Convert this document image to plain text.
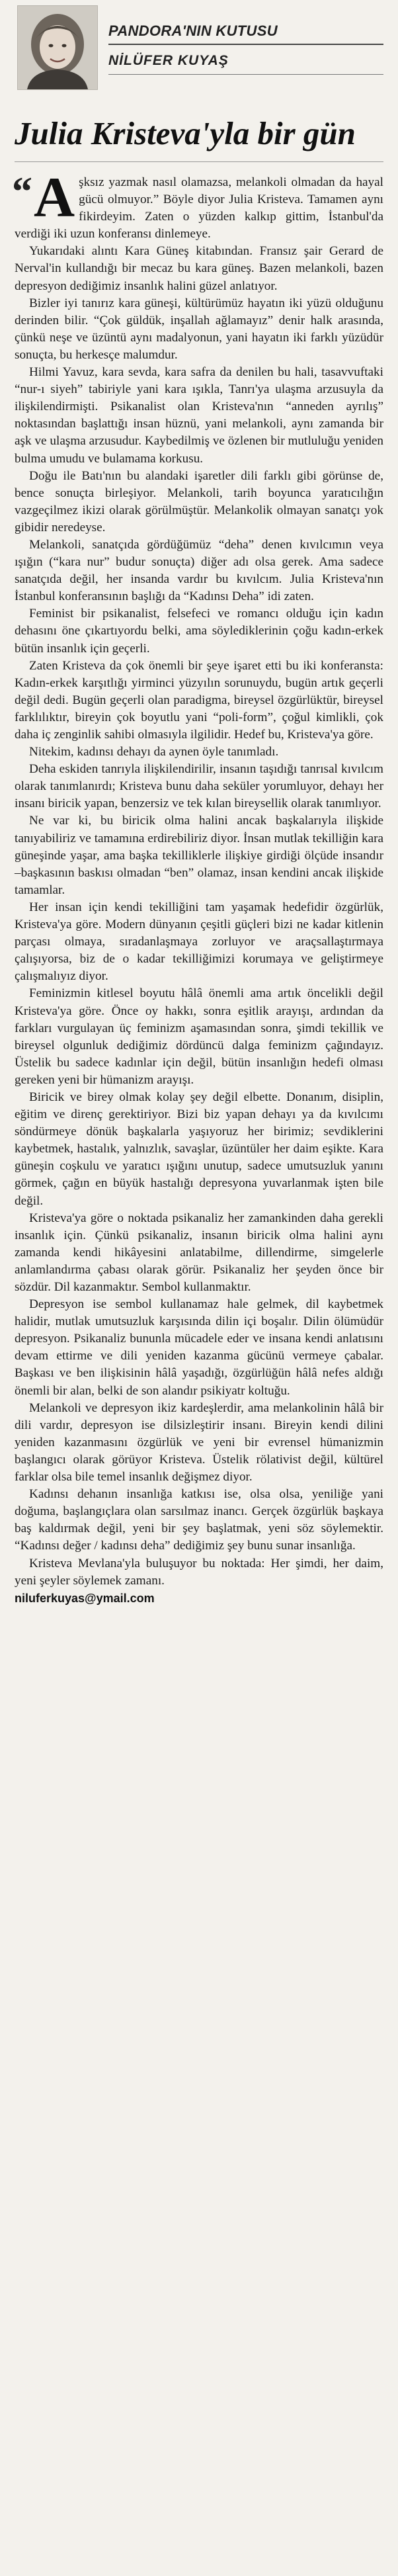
PANDORA'NIN KUTUSU
NİLÜFER KUYAŞ
Julia Kristeva'yla bir gün

“ A şksız yazmak nasıl olamazsa, melankoli olmadan da hayal gücü olmuyor.” Böyle diyor Julia Kristeva. Tamamen aynı fikirdeyim. Zaten o yüzden kalkıp gittim, İstanbul'da verdiği iki uzun konferansı dinlemeye.

Yukarıdaki alıntı Kara Güneş kitabından. Fransız şair Gerard de Nerval'in kullandığı bir mecaz bu kara güneş. Bazen melankoli, bazen depresyon dediğimiz insanlık halini güzel anlatıyor.

Bizler iyi tanırız kara güneşi, kültürümüz hayatın iki yüzü olduğunu derinden bilir. “Çok güldük, inşallah ağlamayız” denir halk arasında, çünkü neşe ve üzüntü aynı madalyonun, yani hayatın iki farklı yüzüdür sonuçta, bu herkesçe malumdur.

Hilmi Yavuz, kara sevda, kara safra da denilen bu hali, tasavvuftaki “nur-ı siyeh” tabiriyle yani kara ışıkla, Tanrı'ya ulaşma arzusuyla da ilişkilendirmişti. Psikanalist olan Kristeva'nın “anneden ayrılış” noktasından başlattığı insan hüznü, yani melankoli, aynı zamanda bir aşk ve ulaşma arzusudur. Kaybedilmiş ve özlenen bir mutluluğu yeniden bulma umudu ve bulamama korkusu.

Doğu ile Batı'nın bu alandaki işaretler dili farklı gibi görünse de, bence sonuçta birleşiyor. Melankoli, tarih boyunca yaratıcılığın vazgeçilmez ikizi olarak görülmüştür. Melankolik olmayan sanatçı yok gibidir neredeyse.

Melankoli, sanatçıda gördüğümüz “deha” denen kıvılcımın veya ışığın (“kara nur” budur sonuçta) diğer adı olsa gerek. Ama sadece sanatçıda değil, her insanda vardır bu kıvılcım. Julia Kristeva'nın İstanbul konferansının başlığı da “Kadınsı Deha” idi zaten.

Feminist bir psikanalist, felsefeci ve romancı olduğu için kadın dehasını öne çıkartıyordu belki, ama söylediklerinin çoğu kadın-erkek bütün insanlık için geçerli.

Zaten Kristeva da çok önemli bir şeye işaret etti bu iki konferansta: Kadın-erkek karşıtlığı yirminci yüzyılın sorunuydu, bugün artık geçerli değil dedi. Bugün geçerli olan paradigma, bireysel özgürlüktür, bireysel farklılıktır, bireyin çok boyutlu yani “poli-form”, çoğul kimlikli, çok daha iç zenginlik sahibi olmasıyla ilgilidir. Hedef bu, Kristeva'ya göre.

Nitekim, kadınsı dehayı da aynen öyle tanımladı.

Deha eskiden tanrıyla ilişkilendirilir, insanın taşıdığı tanrısal kıvılcım olarak tanımlanırdı; Kristeva bunu daha seküler yorumluyor, dehayı her insanı biricik yapan, benzersiz ve tek kılan bireysellik olarak tanımlıyor.

Ne var ki, bu biricik olma halini ancak başkalarıyla ilişkide tanıyabiliriz ve tamamına erdirebiliriz diyor. İnsan mutlak tekilliğin kara güneşinde yaşar, ama başka tekilliklerle ilişkiye girdiği ölçüde insandır –başkasının baskısı olmadan “ben” olamaz, insan kendini ancak ilişkide tamamlar.

Her insan için kendi tekilliğini tam yaşamak hedefidir özgürlük, Kristeva'ya göre. Modern dünyanın çeşitli güçleri bizi ne kadar kitlenin parçası olmaya, sıradanlaşmaya zorluyor ve araçsallaştırmaya çalışıyorsa, biz de o kadar tekilliğimizi korumaya ve geliştirmeye çalışmalıyız diyor.

Feminizmin kitlesel boyutu hâlâ önemli ama artık öncelikli değil Kristeva'ya göre. Önce oy hakkı, sonra eşitlik arayışı, ardından da farkları vurgulayan üç feminizm aşamasından sonra, şimdi tekillik ve bireysel olgunluk dediğimiz dördüncü dalga feminizm çağındayız. Üstelik bu sadece kadınlar için değil, bütün insanlığın hedefi olması gereken yeni bir hümanizm arayışı.

Biricik ve birey olmak kolay şey değil elbette. Donanım, disiplin, eğitim ve direnç gerektiriyor. Bizi biz yapan dehayı ya da kıvılcımı söndürmeye dönük başkalarla yaşıyoruz her birimiz; sevdiklerini kaybetmek, hastalık, yalnızlık, savaşlar, üzüntüler her daim eşikte. Kara güneşin coşkulu ve yaratıcı ışığını unutup, sadece umutsuzluk yanını görmek, çağın en büyük hastalığı depresyona yuvarlanmak işten bile değil.

Kristeva'ya göre o noktada psikanaliz her zamankinden daha gerekli insanlık için. Çünkü psikanaliz, insanın biricik olma halini aynı zamanda kendi hikâyesini anlatabilme, dillendirme, simgelerle anlamlandırma çabası olarak görür. Psikanaliz her şeyden önce bir sözdür. Dil kazanmaktır. Sembol kullanmaktır.

Depresyon ise sembol kullanamaz hale gelmek, dil kaybetmek halidir, mutlak umutsuzluk karşısında dilin içi boşalır. Dilin ölümüdür depresyon. Psikanaliz bununla mücadele eder ve insana kendi anlatısını devam ettirme ve dili yeniden kazanma gücünü vermeye çabalar. Başkası ve ben ilişkisinin hâlâ yaşadığı, özgürlüğün hâlâ nefes aldığı önemli bir alan, belki de son alandır psikiyatr koltuğu.

Melankoli ve depresyon ikiz kardeşlerdir, ama melankolinin hâlâ bir dili vardır, depresyon ise dilsizleştirir insanı. Bireyin kendi dilini yeniden kazanmasını özgürlük ve yeni bir evrensel hümanizmin başlangıcı olarak görüyor Kristeva. Üstelik rölativist değil, kültürel farklar olsa bile temel insanlık değişmez diyor.

Kadınsı dehanın insanlığa katkısı ise, olsa olsa, yeniliğe yani doğuma, başlangıçlara olan sarsılmaz inancı. Gerçek özgürlük başkaya baş kaldırmak değil, yeni bir şey başlatmak, yeni söz söylemektir. “Kadınsı değer / kadınsı deha” dediğimiz şey bunu sunar insanlığa.

Kristeva Mevlana'yla buluşuyor bu noktada: Her şimdi, her daim, yeni şeyler söylemek zamanı.

niluferkuyas@ymail.com
